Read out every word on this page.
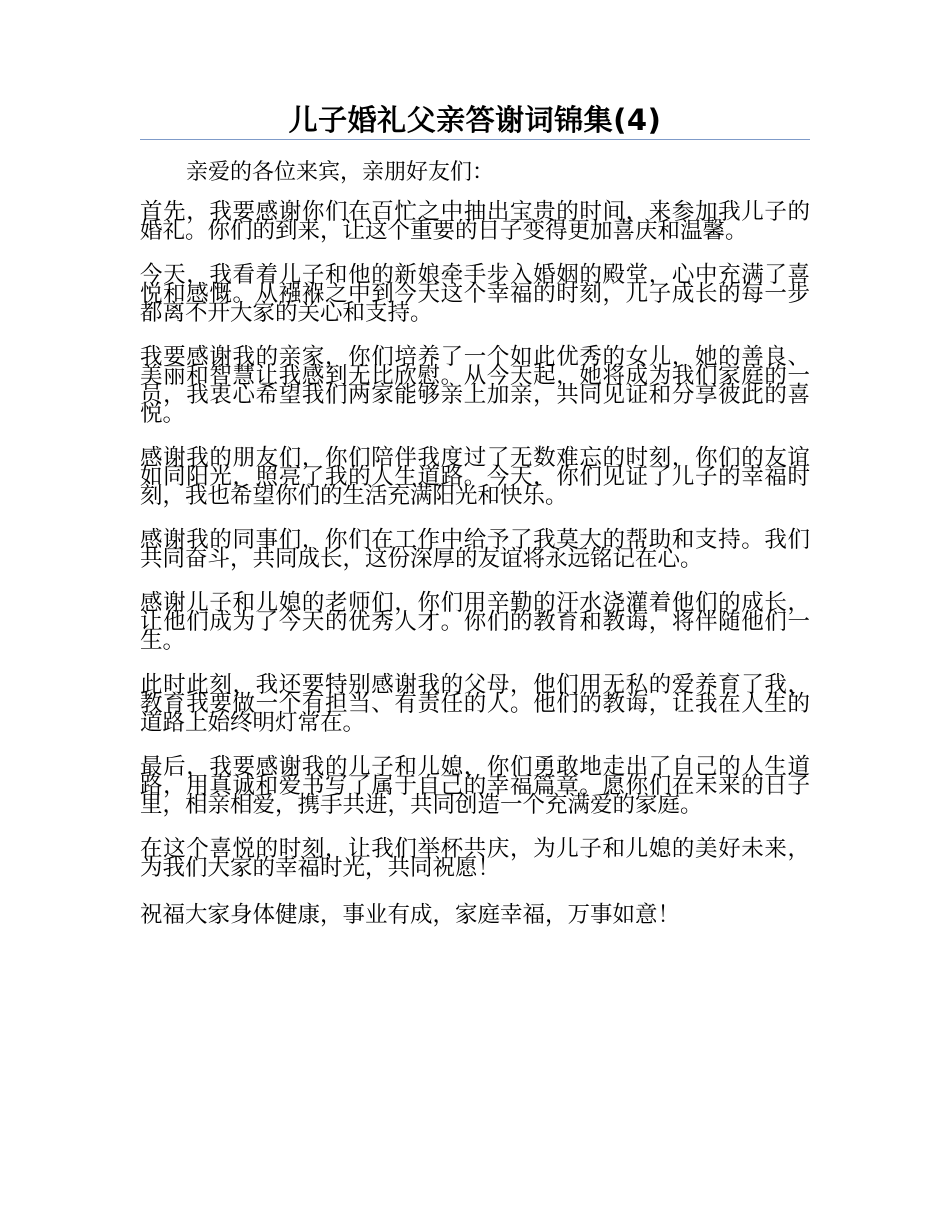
儿子婚礼父亲答谢词锦集(4)

亲爱的各位来宾，亲朋好友们：

首先，我要感谢你们在百忙之中抽出宝贵的时间，来参加我儿子的婚礼。你们的到来，让这个重要的日子变得更加喜庆和温馨。

今天，我看着儿子和他的新娘牵手步入婚姻的殿堂，心中充满了喜悦和感慨。从襁褓之中到今天这个幸福的时刻，儿子成长的每一步都离不开大家的关心和支持。

我要感谢我的亲家，你们培养了一个如此优秀的女儿，她的善良、美丽和智慧让我感到无比欣慰。从今天起，她将成为我们家庭的一员，我衷心希望我们两家能够亲上加亲，共同见证和分享彼此的喜悦。

感谢我的朋友们，你们陪伴我度过了无数难忘的时刻，你们的友谊如同阳光，照亮了我的人生道路。今天，你们见证了儿子的幸福时刻，我也希望你们的生活充满阳光和快乐。

感谢我的同事们，你们在工作中给予了我莫大的帮助和支持。我们共同奋斗，共同成长，这份深厚的友谊将永远铭记在心。

感谢儿子和儿媳的老师们，你们用辛勤的汗水浇灌着他们的成长，让他们成为了今天的优秀人才。你们的教育和教诲，将伴随他们一生。

此时此刻，我还要特别感谢我的父母，他们用无私的爱养育了我，教育我要做一个有担当、有责任的人。他们的教诲，让我在人生的道路上始终明灯常在。

最后，我要感谢我的儿子和儿媳，你们勇敢地走出了自己的人生道路，用真诚和爱书写了属于自己的幸福篇章。愿你们在未来的日子里，相亲相爱，携手共进，共同创造一个充满爱的家庭。

在这个喜悦的时刻，让我们举杯共庆，为儿子和儿媳的美好未来，为我们大家的幸福时光，共同祝愿！

祝福大家身体健康，事业有成，家庭幸福，万事如意！
